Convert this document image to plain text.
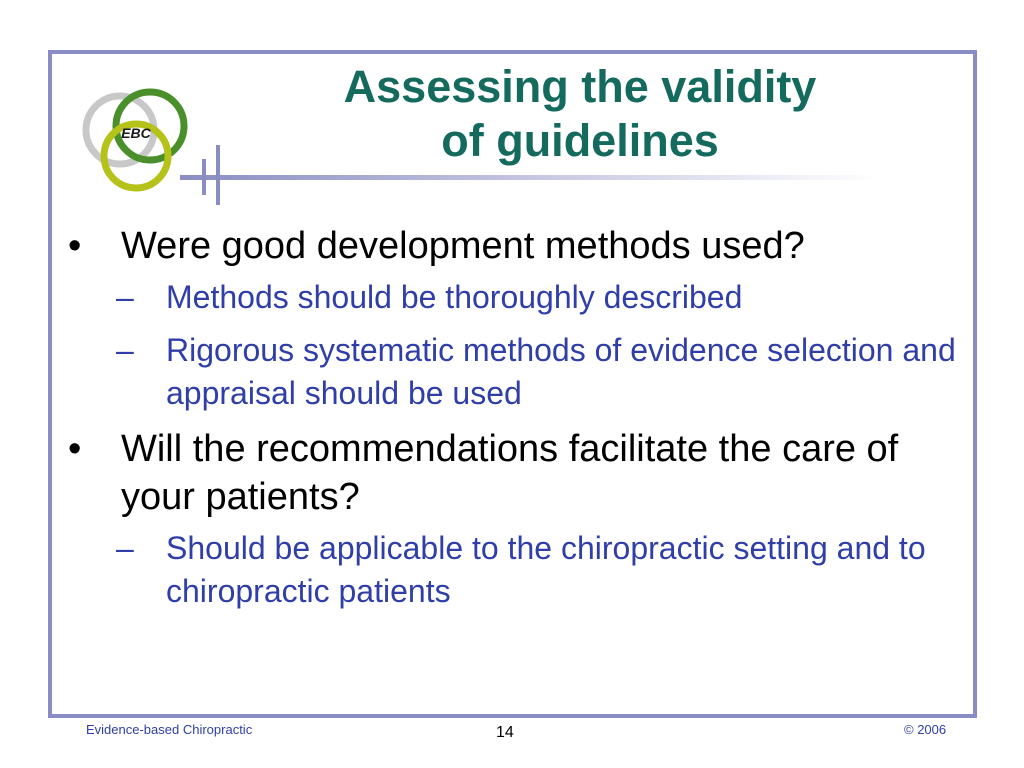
EBC
Assessing the validity
of guidelines
• Were good development methods used?
– Methods should be thoroughly described
– Rigorous systematic methods of evidence selection and appraisal should be used
• Will the recommendations facilitate the care of your patients?
– Should be applicable to the chiropractic setting and to chiropractic patients
Evidence-based Chiropractic	14	© 2006
